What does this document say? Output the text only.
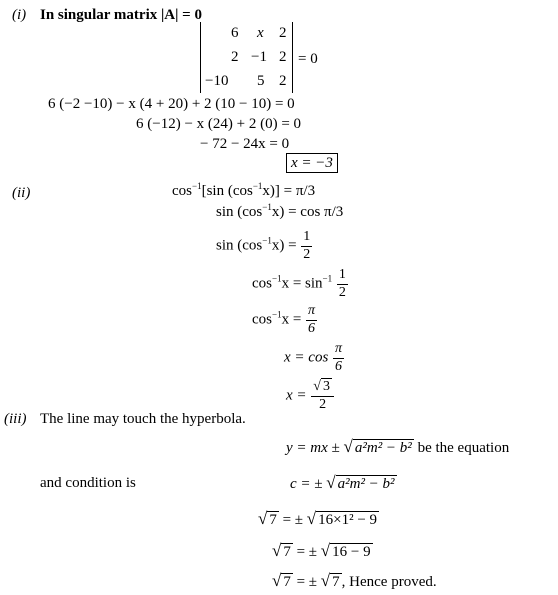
(i) In singular matrix |A| = 0
6 x 2
2 −1 2
−10 5 2
= 0
6 (−2 −10) − x (4 + 20) + 2 (10 − 10) = 0
6 (−12) − x (24) + 2 (0) = 0
− 72 − 24x = 0
x = −3
(ii)	$\cos^{-1}[\sin$ $(\cos^{-1}x)] = \pi/3$
$\sin (\cos^{-1}x) = \cos \pi/3$
$\sin (\cos^{-1}x) = \frac{1}{2}$
$\cos^{-1}x = \sin^{-1} \frac{1}{2}$
$\cos^{-1}x = \frac{\pi}{6}$
$x = \cos \frac{\pi}{6}$
$x = \frac{√ 3}{2}$
(iii) The line may touch the hyperbola.
y = mx ± √ a²m² − b² be the equation
and condition is	c = ± √ a²m² − b²
√ 7 = ± √ 16×1² − 9
√ 7 = ± √ 16 − 9
√ 7 = ± √ 7 , Hence proved.
